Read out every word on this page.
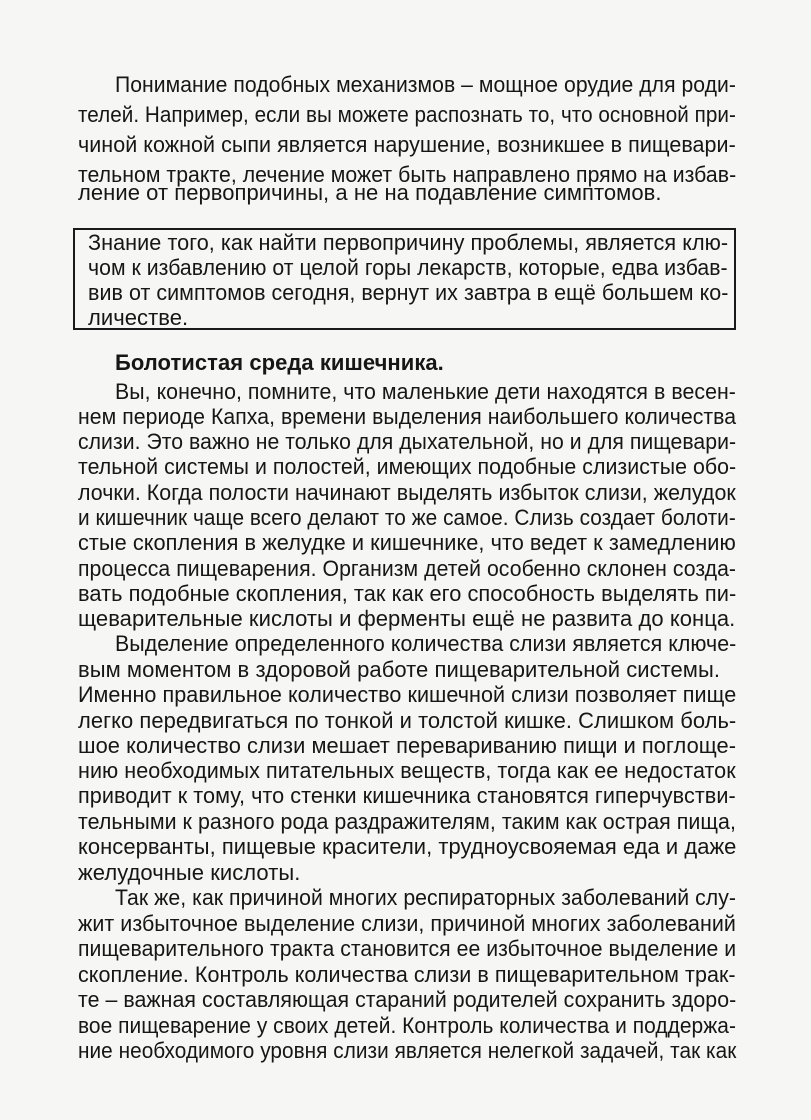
Понимание подобных механизмов – мощное орудие для роди-
телей. Например, если вы можете распознать то, что основной при-
чиной кожной сыпи является нарушение, возникшее в пищевари-
тельном тракте, лечение может быть направлено прямо на избав-
ление от первопричины, а не на подавление симптомов.
Знание того, как найти первопричину проблемы, является клю-
чом к избавлению от целой горы лекарств, которые, едва избав-
вив от симптомов сегодня, вернут их завтра в ещё большем ко-
личестве.
Болотистая среда кишечника.
Вы, конечно, помните, что маленькие дети находятся в весен-
нем периоде Капха, времени выделения наибольшего количества
слизи. Это важно не только для дыхательной, но и для пищевари-
тельной системы и полостей, имеющих подобные слизистые обо-
лочки. Когда полости начинают выделять избыток слизи, желудок
и кишечник чаще всего делают то же самое. Слизь создает болоти-
стые скопления в желудке и кишечнике, что ведет к замедлению
процесса пищеварения. Организм детей особенно склонен созда-
вать подобные скопления, так как его способность выделять пи-
щеварительные кислоты и ферменты ещё не развита до конца.
Выделение определенного количества слизи является ключе-
вым моментом в здоровой работе пищеварительной системы.
Именно правильное количество кишечной слизи позволяет пище
легко передвигаться по тонкой и толстой кишке. Слишком боль-
шое количество слизи мешает перевариванию пищи и поглоще-
нию необходимых питательных веществ, тогда как ее недостаток
приводит к тому, что стенки кишечника становятся гиперчувстви-
тельными к разного рода раздражителям, таким как острая пища,
консерванты, пищевые красители, трудноусвояемая еда и даже
желудочные кислоты.
Так же, как причиной многих респираторных заболеваний слу-
жит избыточное выделение слизи, причиной многих заболеваний
пищеварительного тракта становится ее избыточное выделение и
скопление. Контроль количества слизи в пищеварительном трак-
те – важная составляющая стараний родителей сохранить здоро-
вое пищеварение у своих детей. Контроль количества и поддержа-
ние необходимого уровня слизи является нелегкой задачей, так как
